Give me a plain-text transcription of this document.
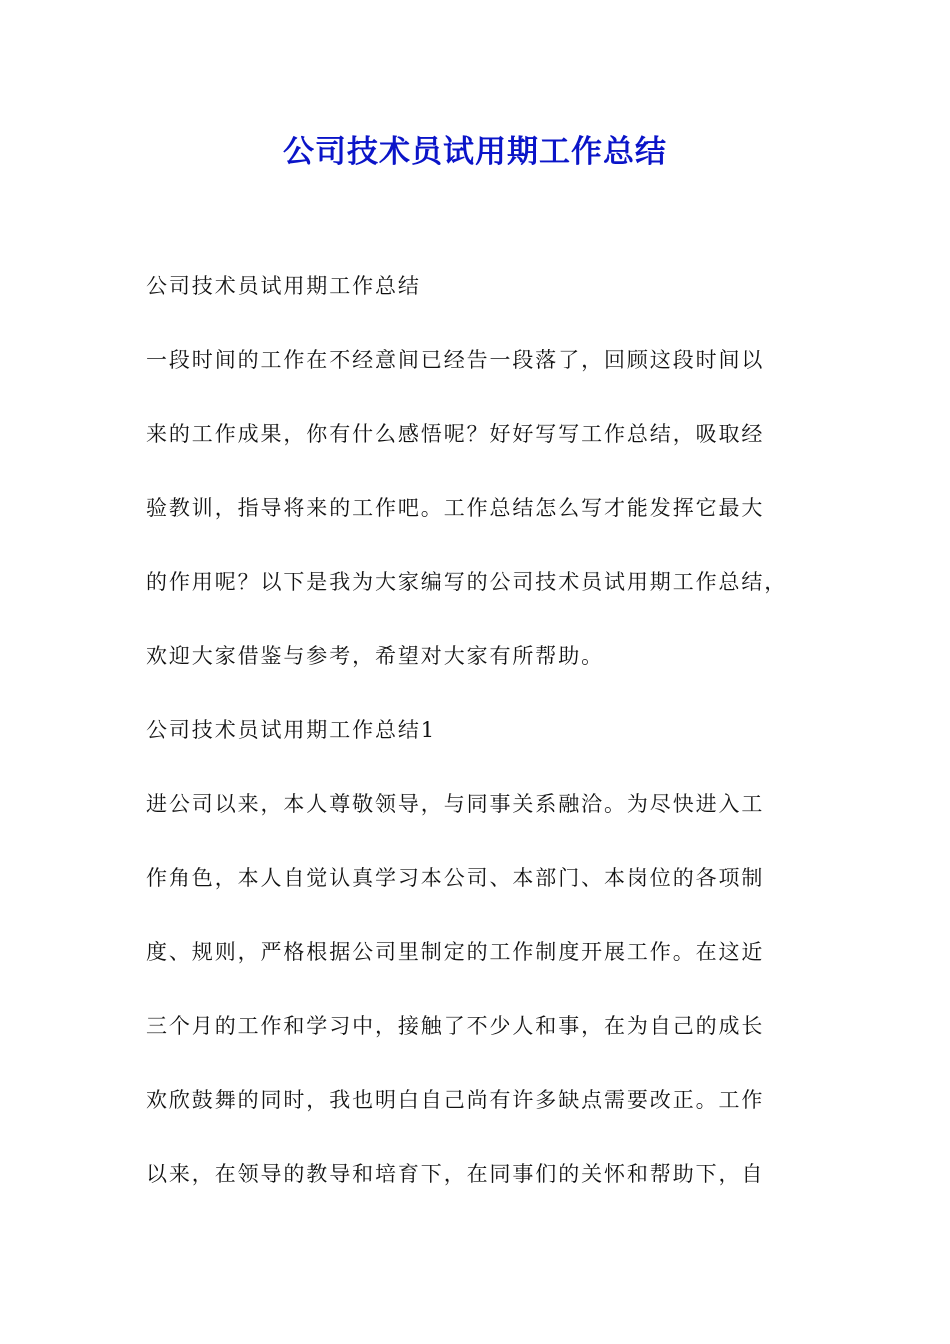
公司技术员试用期工作总结
公司技术员试用期工作总结
一段时间的工作在不经意间已经告一段落了，回顾这段时间以
来的工作成果，你有什么感悟呢？好好写写工作总结，吸取经
验教训，指导将来的工作吧。工作总结怎么写才能发挥它最大
的作用呢？以下是我为大家编写的公司技术员试用期工作总结，
欢迎大家借鉴与参考，希望对大家有所帮助。
公司技术员试用期工作总结1
进公司以来，本人尊敬领导，与同事关系融洽。为尽快进入工
作角色，本人自觉认真学习本公司、本部门、本岗位的各项制
度、规则，严格根据公司里制定的工作制度开展工作。在这近
三个月的工作和学习中，接触了不少人和事，在为自己的成长
欢欣鼓舞的同时，我也明白自己尚有许多缺点需要改正。工作
以来，在领导的教导和培育下，在同事们的关怀和帮助下，自
